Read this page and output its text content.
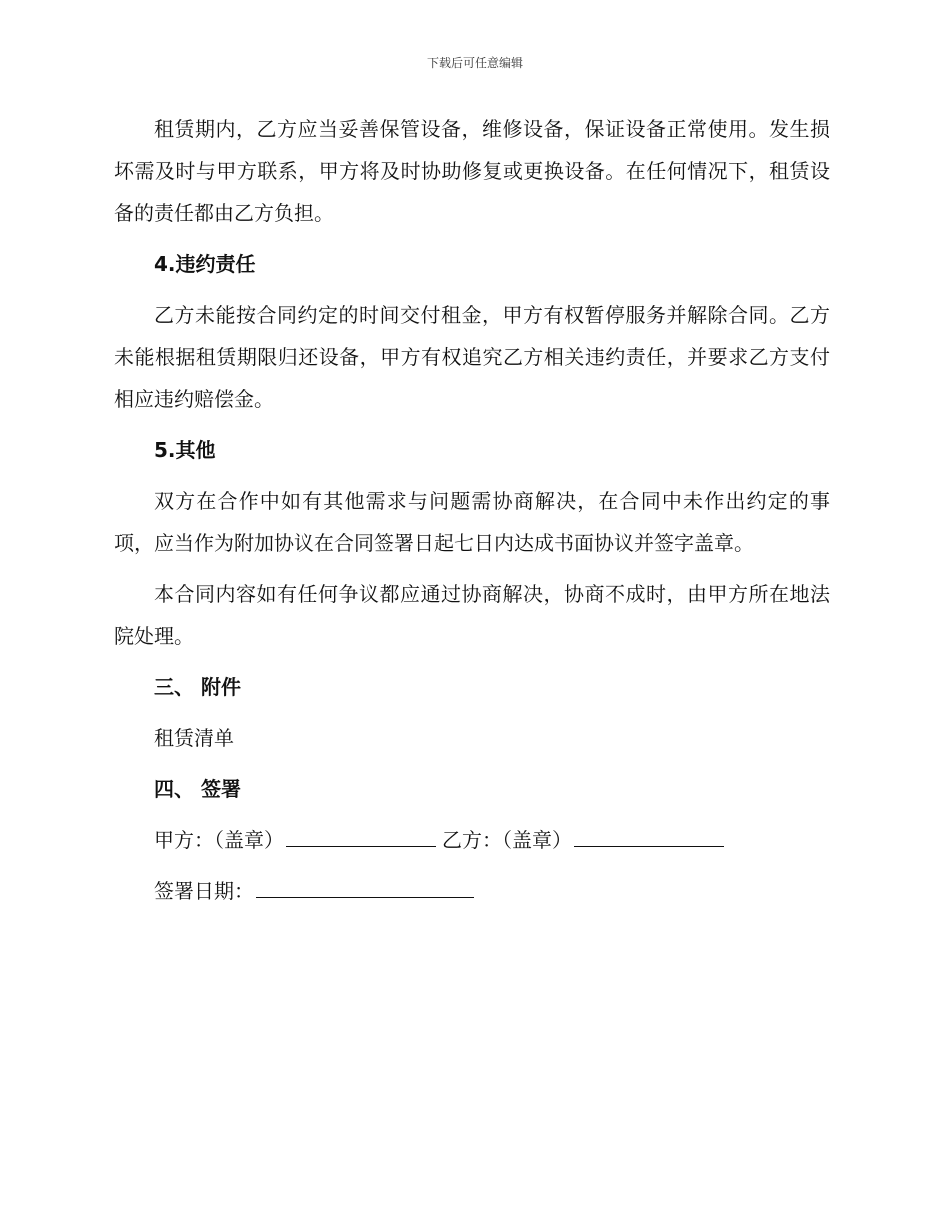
下载后可任意编辑

租赁期内，乙方应当妥善保管设备，维修设备，保证设备正常使用。发生损坏需及时与甲方联系，甲方将及时协助修复或更换设备。在任何情况下，租赁设备的责任都由乙方负担。

4.违约责任

乙方未能按合同约定的时间交付租金，甲方有权暂停服务并解除合同。乙方未能根据租赁期限归还设备，甲方有权追究乙方相关违约责任，并要求乙方支付相应违约赔偿金。

5.其他

双方在合作中如有其他需求与问题需协商解决，在合同中未作出约定的事项，应当作为附加协议在合同签署日起七日内达成书面协议并签字盖章。

本合同内容如有任何争议都应通过协商解决，协商不成时，由甲方所在地法院处理。

三、 附件

租赁清单

四、 签署

甲方：（盖章）	乙方：（盖章）

签署日期：
